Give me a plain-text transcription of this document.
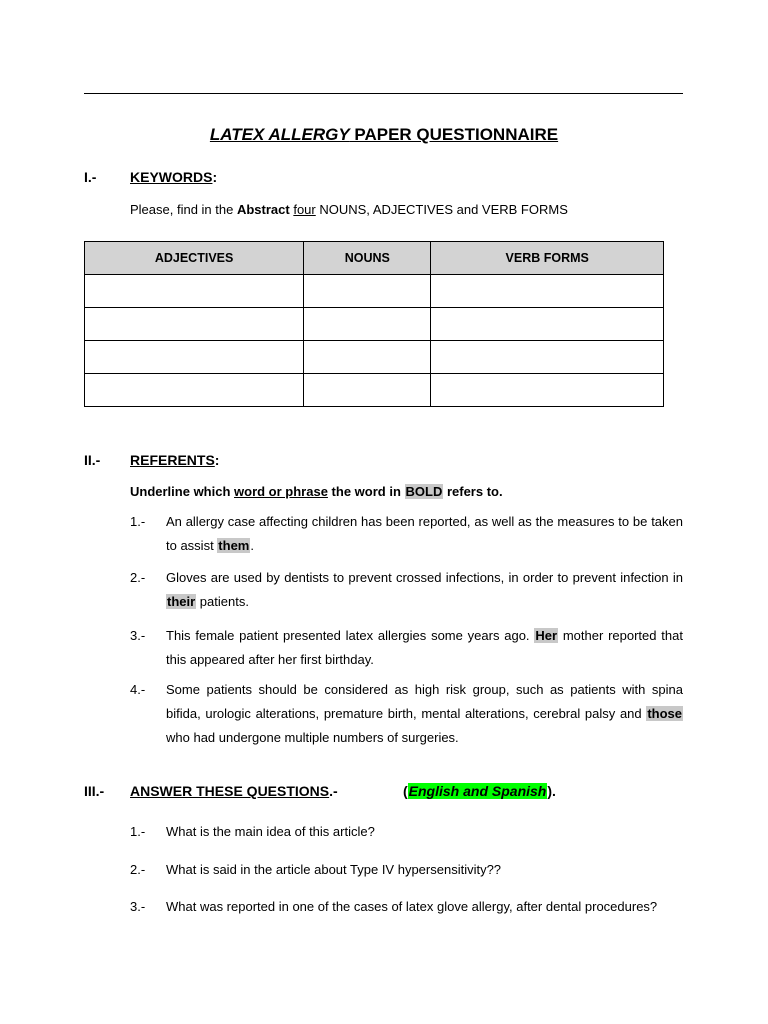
LATEX ALLERGY PAPER QUESTIONNAIRE
I.- KEYWORDS:
Please, find in the Abstract four NOUNS, ADJECTIVES and VERB FORMS
ADJECTIVES	NOUNS	VERB FORMS

II.- REFERENTS:
Underline which word or phrase the word in BOLD refers to.
1.- An allergy case affecting children has been reported, as well as the measures to be taken to assist them.
2.- Gloves are used by dentists to prevent crossed infections, in order to prevent infection in their patients.
3.- This female patient presented latex allergies some years ago. Her mother reported that this appeared after her first birthday.
4.- Some patients should be considered as high risk group, such as patients with spina bifida, urologic alterations, premature birth, mental alterations, cerebral palsy and those who had undergone multiple numbers of surgeries.
III.- ANSWER THESE QUESTIONS.-	(English and Spanish).
1.- What is the main idea of this article?
2.- What is said in the article about Type IV hypersensitivity??
3.- What was reported in one of the cases of latex glove allergy, after dental procedures?
